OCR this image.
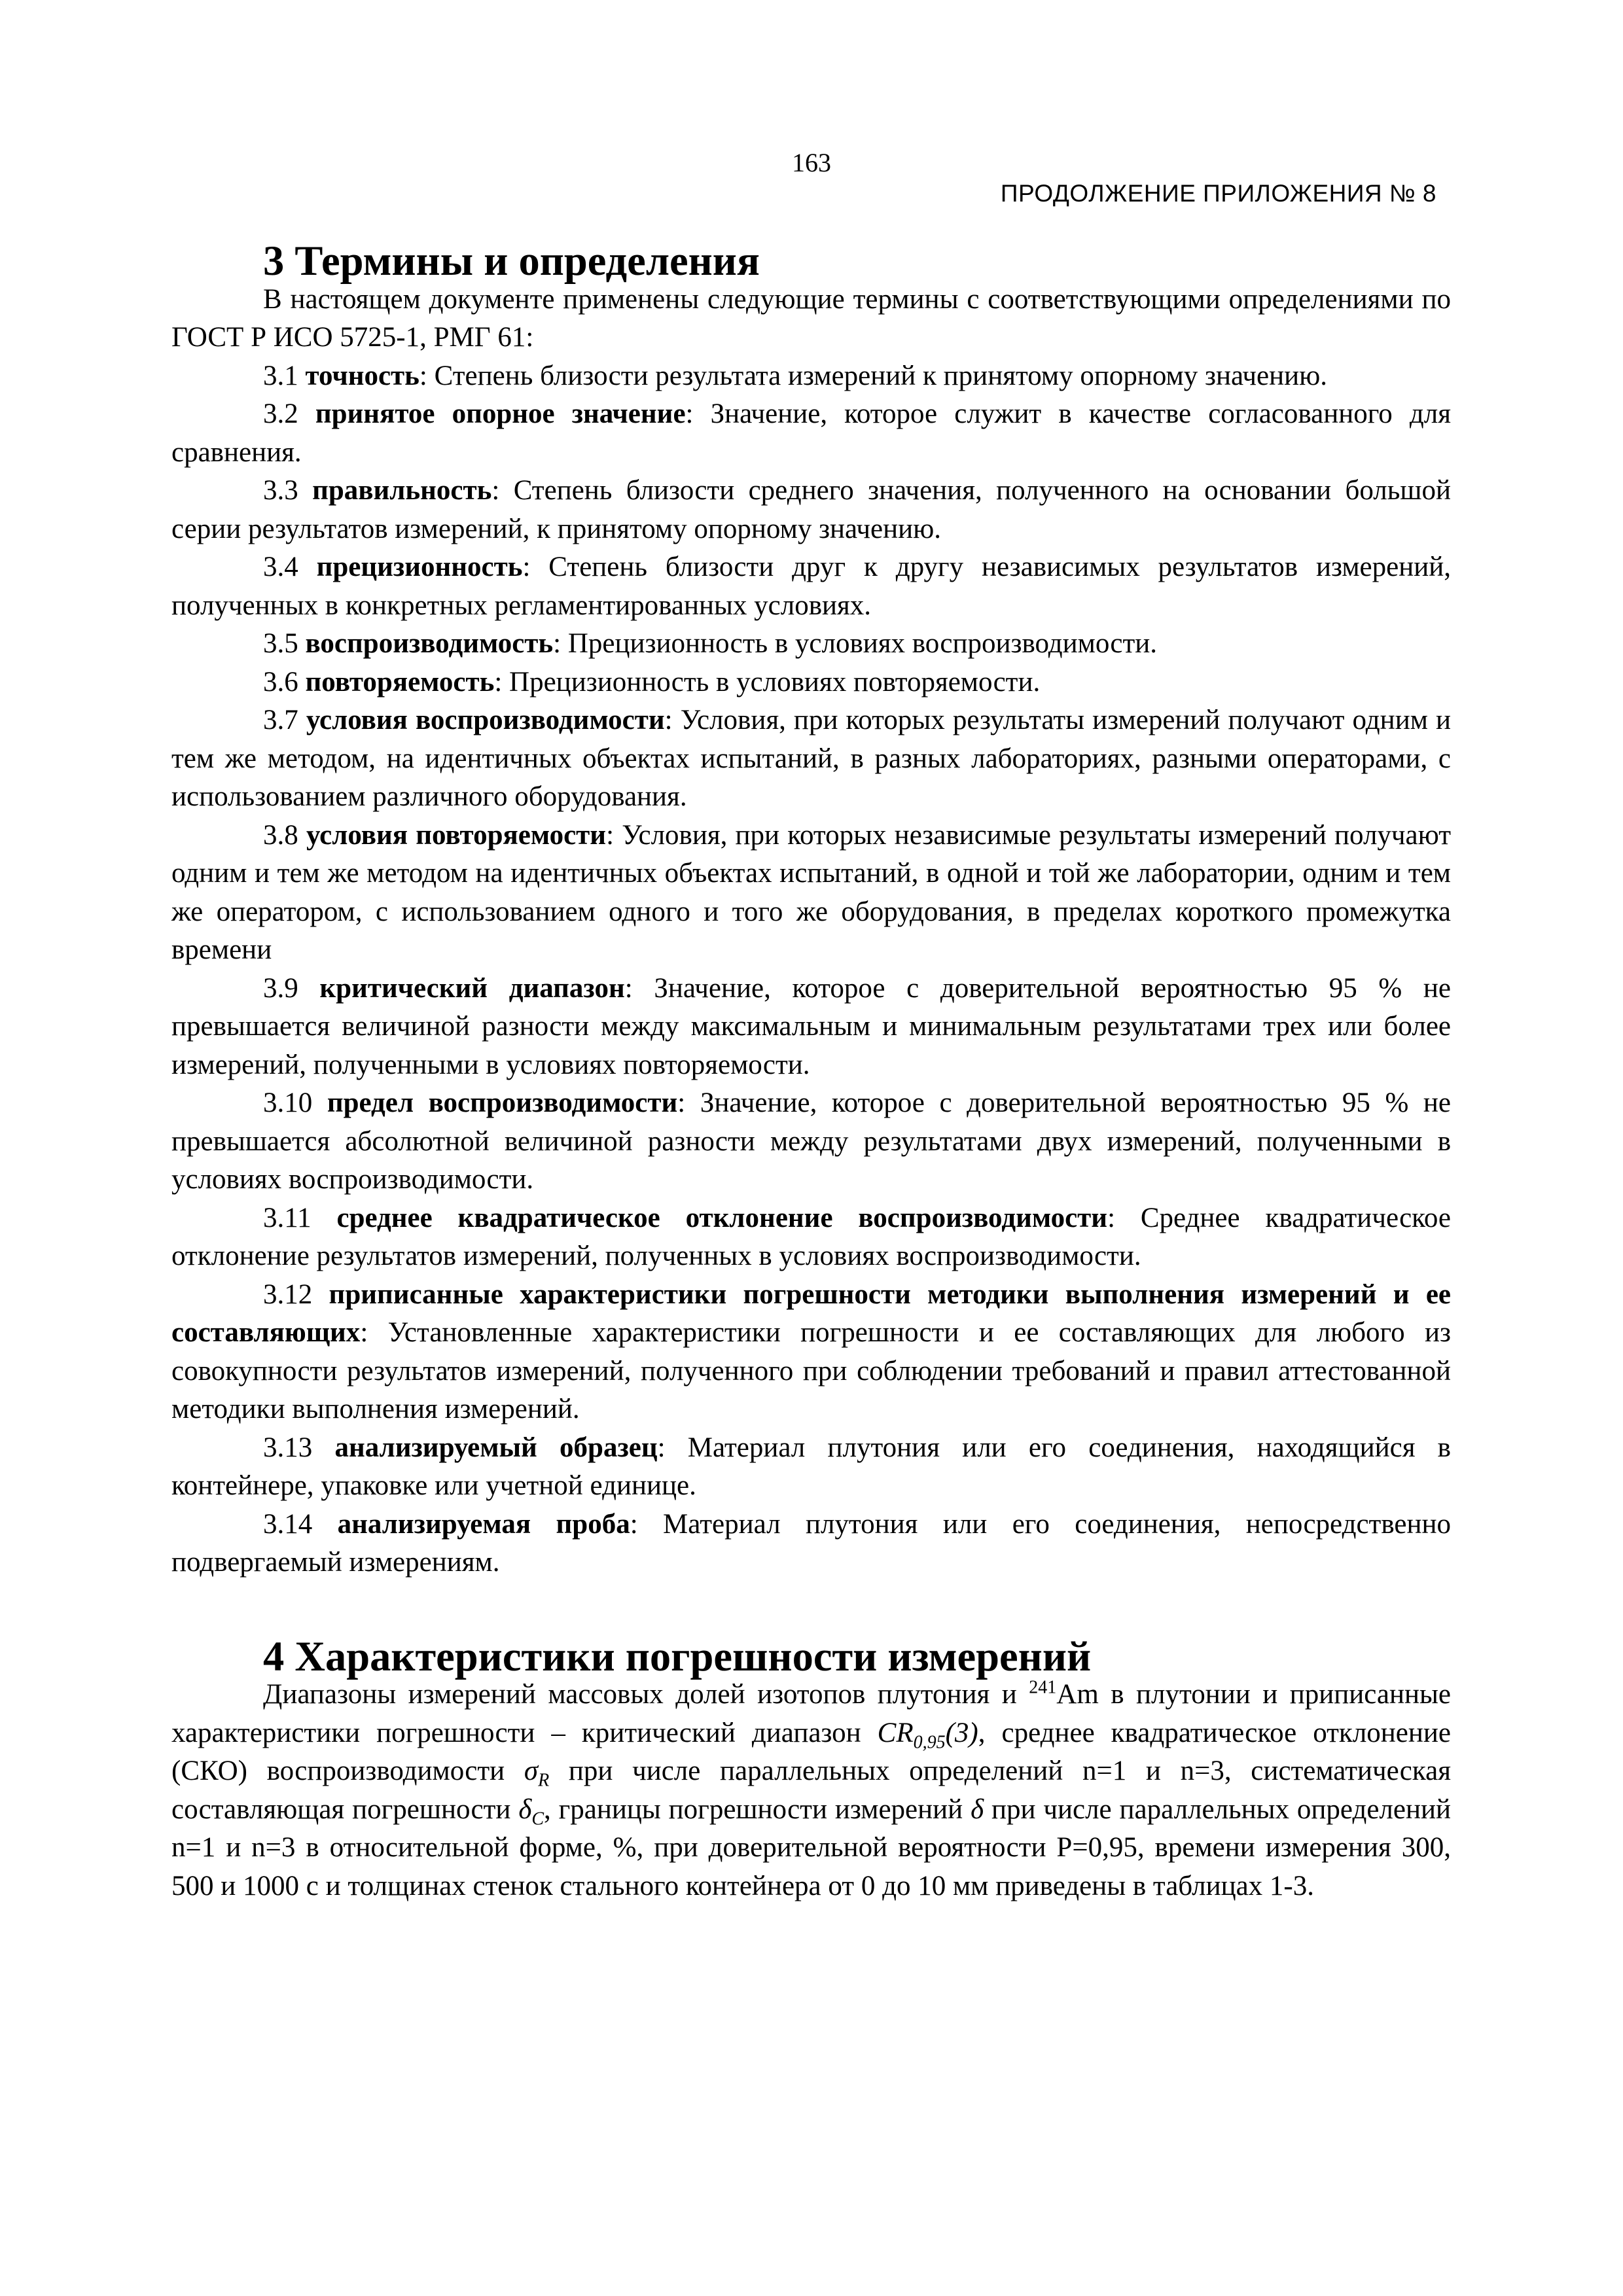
163
ПРОДОЛЖЕНИЕ ПРИЛОЖЕНИЯ № 8
3 Термины и определения

В настоящем документе применены следующие термины с соответствующими определениями по ГОСТ Р ИСО 5725-1, РМГ 61:

3.1 точность: Степень близости результата измерений к принятому опорному значению.

3.2 принятое опорное значение: Значение, которое служит в качестве согласованного для сравнения.

3.3 правильность: Степень близости среднего значения, полученного на основании большой серии результатов измерений, к принятому опорному значению.

3.4 прецизионность: Степень близости друг к другу независимых результатов измерений, полученных в конкретных регламентированных условиях.

3.5 воспроизводимость: Прецизионность в условиях воспроизводимости.

3.6 повторяемость: Прецизионность в условиях повторяемости.

3.7 условия воспроизводимости: Условия, при которых результаты измерений получают одним и тем же методом, на идентичных объектах испытаний, в разных лабораториях, разными операторами, с использованием различного оборудования.

3.8 условия повторяемости: Условия, при которых независимые результаты измерений получают одним и тем же методом на идентичных объектах испытаний, в одной и той же лаборатории, одним и тем же оператором, с использованием одного и того же оборудования, в пределах короткого промежутка времени

3.9 критический диапазон: Значение, которое с доверительной вероятностью 95 % не превышается величиной разности между максимальным и минимальным результатами трех или более измерений, полученными в условиях повторяемости.

3.10 предел воспроизводимости: Значение, которое с доверительной вероятностью 95 % не превышается абсолютной величиной разности между результатами двух измерений, полученными в условиях воспроизводимости.

3.11 среднее квадратическое отклонение воспроизводимости: Среднее квадратическое отклонение результатов измерений, полученных в условиях воспроизводимости.

3.12 приписанные характеристики погрешности методики выполнения измерений и ее составляющих: Установленные характеристики погрешности и ее составляющих для любого из совокупности результатов измерений, полученного при соблюдении требований и правил аттестованной методики выполнения измерений.

3.13 анализируемый образец: Материал плутония или его соединения, находящийся в контейнере, упаковке или учетной единице.

3.14 анализируемая проба: Материал плутония или его соединения, непосредственно подвергаемый измерениям.

4 Характеристики погрешности измерений

Диапазоны измерений массовых долей изотопов плутония и $^{241}$Am в плутонии и приписанные характеристики погрешности – критический диапазон $CR_{0,95}(3)$, среднее квадратическое отклонение (СКО) воспроизводимости $\sigma_R$ при числе параллельных определений n=1 и n=3, систематическая составляющая погрешности $\delta_C$, границы погрешности измерений δ при числе параллельных определений n=1 и n=3 в относительной форме, %, при доверительной вероятности P=0,95, времени измерения 300, 500 и 1000 с и толщинах стенок стального контейнера от 0 до 10 мм приведены в таблицах 1-3.
